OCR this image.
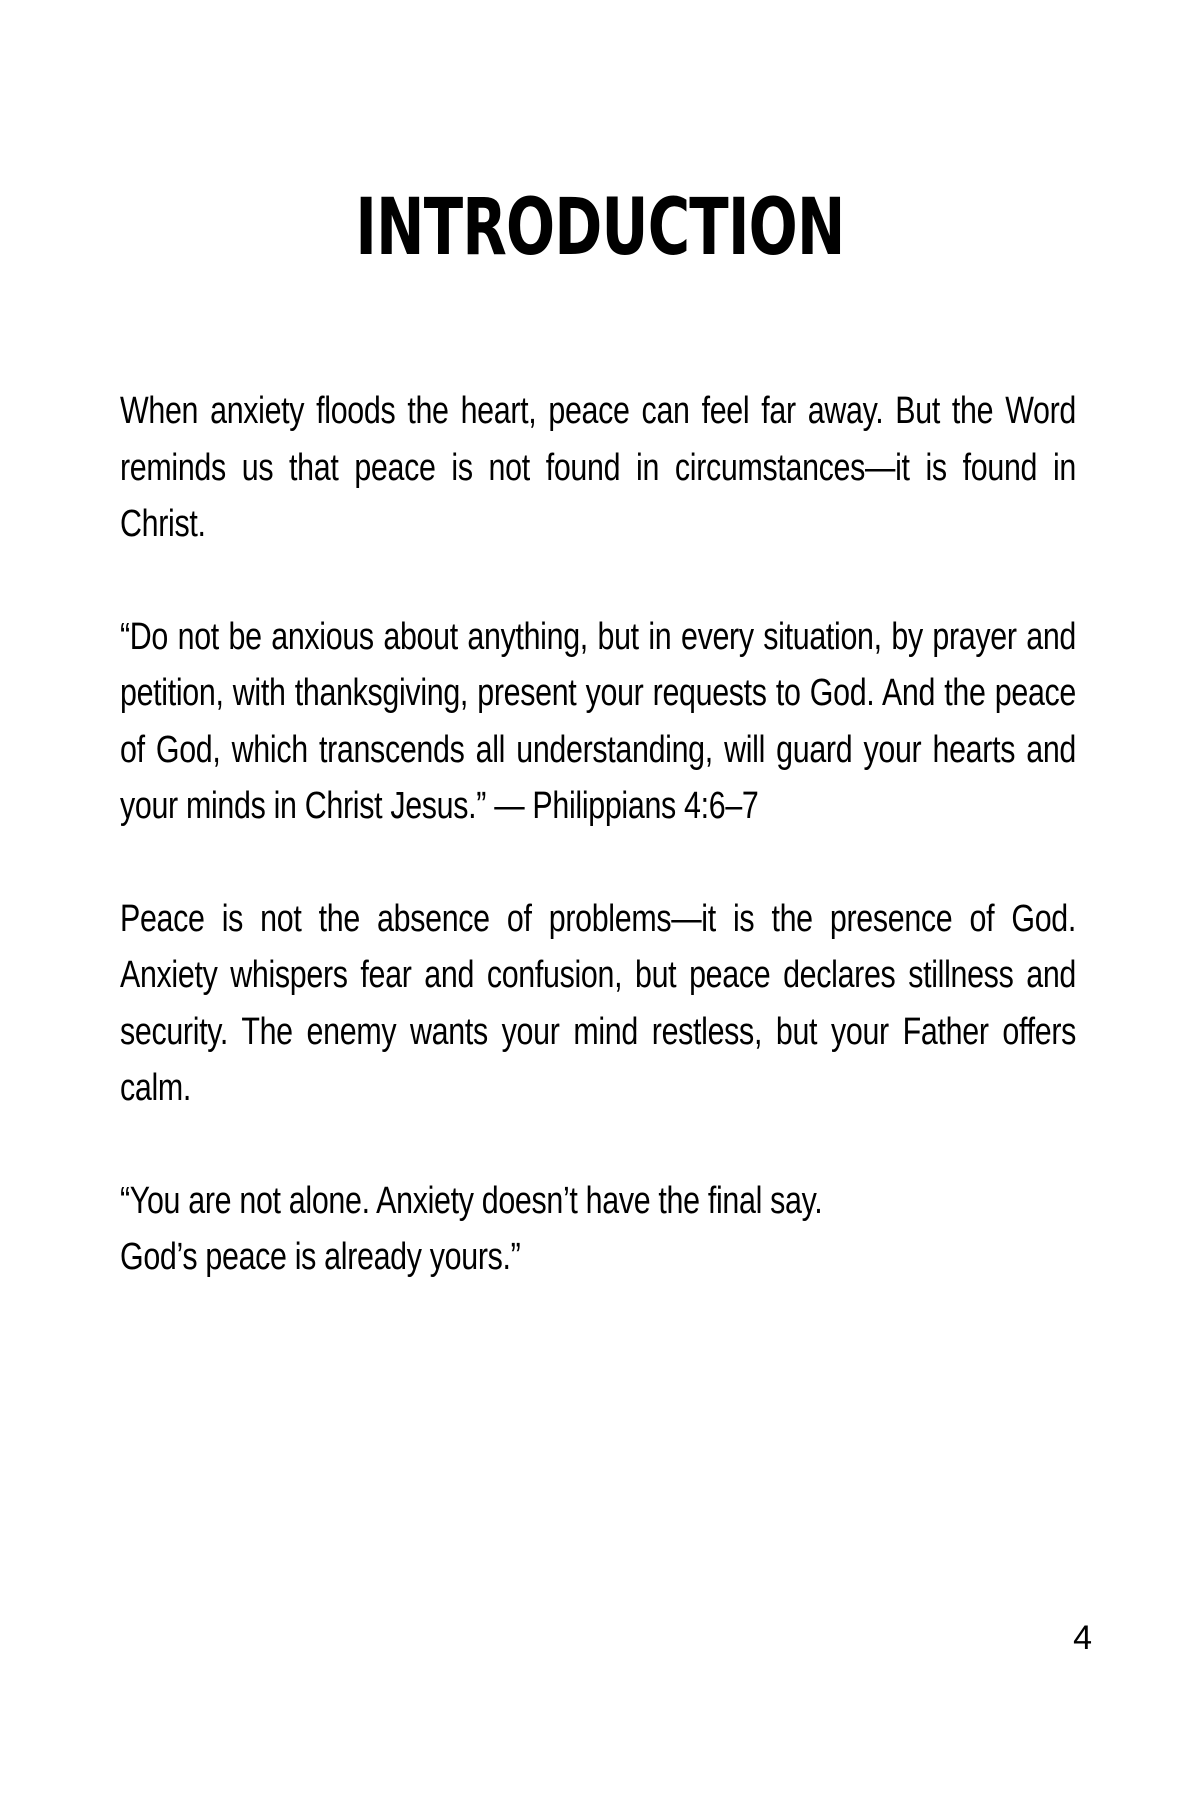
INTRODUCTION

When anxiety floods the heart, peace can feel far away. But the Word reminds us that peace is not found in circumstances—it is found in Christ.

“Do not be anxious about anything, but in every situation, by prayer and petition, with thanksgiving, present your requests to God. And the peace of God, which transcends all understanding, will guard your hearts and your minds in Christ Jesus.” — Philippians 4:6–7

Peace is not the absence of problems—it is the presence of God. Anxiety whispers fear and confusion, but peace declares stillness and security. The enemy wants your mind restless, but your Father offers calm.

“You are not alone. Anxiety doesn’t have the final say.
God’s peace is already yours.”

4
